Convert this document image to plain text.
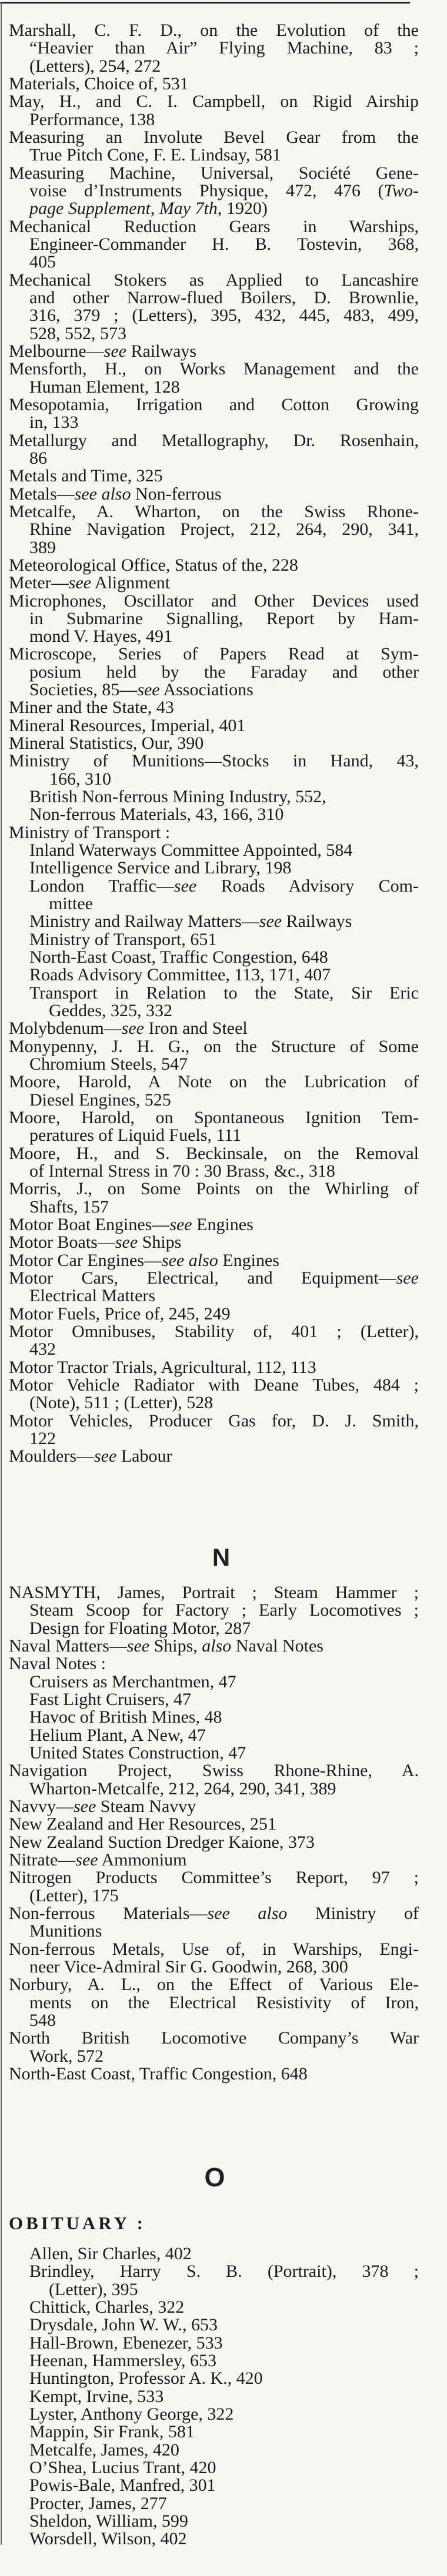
Marshall, C. F. D., on the Evolution of the
“Heavier than Air” Flying Machine, 83 ;
(Letters), 254, 272
Materials, Choice of, 531
May, H., and C. I. Campbell, on Rigid Airship
Performance, 138
Measuring an Involute Bevel Gear from the
True Pitch Cone, F. E. Lindsay, 581
Measuring Machine, Universal, Société Gene-
voise d’Instruments Physique, 472, 476 (Two-
page Supplement, May 7th, 1920)
Mechanical Reduction Gears in Warships,
Engineer-Commander H. B. Tostevin, 368,
405
Mechanical Stokers as Applied to Lancashire
and other Narrow-flued Boilers, D. Brownlie,
316, 379 ; (Letters), 395, 432, 445, 483, 499,
528, 552, 573
Melbourne—see Railways
Mensforth, H., on Works Management and the
Human Element, 128
Mesopotamia, Irrigation and Cotton Growing
in, 133
Metallurgy and Metallography, Dr. Rosenhain,
86
Metals and Time, 325
Metals—see also Non-ferrous
Metcalfe, A. Wharton, on the Swiss Rhone-
Rhine Navigation Project, 212, 264, 290, 341,
389
Meteorological Office, Status of the, 228
Meter—see Alignment
Microphones, Oscillator and Other Devices used
in Submarine Signalling, Report by Ham-
mond V. Hayes, 491
Microscope, Series of Papers Read at Sym-
posium held by the Faraday and other
Societies, 85—see Associations
Miner and the State, 43
Mineral Resources, Imperial, 401
Mineral Statistics, Our, 390
Ministry of Munitions—Stocks in Hand, 43,
166, 310
British Non-ferrous Mining Industry, 552,
Non-ferrous Materials, 43, 166, 310
Ministry of Transport :
Inland Waterways Committee Appointed, 584
Intelligence Service and Library, 198
London Traffic—see Roads Advisory Com-
mittee
Ministry and Railway Matters—see Railways
Ministry of Transport, 651
North-East Coast, Traffic Congestion, 648
Roads Advisory Committee, 113, 171, 407
Transport in Relation to the State, Sir Eric
Geddes, 325, 332
Molybdenum—see Iron and Steel
Monypenny, J. H. G., on the Structure of Some
Chromium Steels, 547
Moore, Harold, A Note on the Lubrication of
Diesel Engines, 525
Moore, Harold, on Spontaneous Ignition Tem-
peratures of Liquid Fuels, 111
Moore, H., and S. Beckinsale, on the Removal
of Internal Stress in 70 : 30 Brass, &c., 318
Morris, J., on Some Points on the Whirling of
Shafts, 157
Motor Boat Engines—see Engines
Motor Boats—see Ships
Motor Car Engines—see also Engines
Motor Cars, Electrical, and Equipment—see
Electrical Matters
Motor Fuels, Price of, 245, 249
Motor Omnibuses, Stability of, 401 ; (Letter),
432
Motor Tractor Trials, Agricultural, 112, 113
Motor Vehicle Radiator with Deane Tubes, 484 ;
(Note), 511 ; (Letter), 528
Motor Vehicles, Producer Gas for, D. J. Smith,
122
Moulders—see Labour
N
NASMYTH, James, Portrait ; Steam Hammer ;
Steam Scoop for Factory ; Early Locomotives ;
Design for Floating Motor, 287
Naval Matters—see Ships, also Naval Notes
Naval Notes :
Cruisers as Merchantmen, 47
Fast Light Cruisers, 47
Havoc of British Mines, 48
Helium Plant, A New, 47
United States Construction, 47
Navigation Project, Swiss Rhone-Rhine, A.
Wharton-Metcalfe, 212, 264, 290, 341, 389
Navvy—see Steam Navvy
New Zealand and Her Resources, 251
New Zealand Suction Dredger Kaione, 373
Nitrate—see Ammonium
Nitrogen Products Committee’s Report, 97 ;
(Letter), 175
Non-ferrous Materials—see also Ministry of
Munitions
Non-ferrous Metals, Use of, in Warships, Engi-
neer Vice-Admiral Sir G. Goodwin, 268, 300
Norbury, A. L., on the Effect of Various Ele-
ments on the Electrical Resistivity of Iron,
548
North British Locomotive Company’s War
Work, 572
North-East Coast, Traffic Congestion, 648
O
OBITUARY :
Allen, Sir Charles, 402
Brindley, Harry S. B. (Portrait), 378 ;
(Letter), 395
Chittick, Charles, 322
Drysdale, John W. W., 653
Hall-Brown, Ebenezer, 533
Heenan, Hammersley, 653
Huntington, Professor A. K., 420
Kempt, Irvine, 533
Lyster, Anthony George, 322
Mappin, Sir Frank, 581
Metcalfe, James, 420
O’Shea, Lucius Trant, 420
Powis-Bale, Manfred, 301
Procter, James, 277
Sheldon, William, 599
Worsdell, Wilson, 402
